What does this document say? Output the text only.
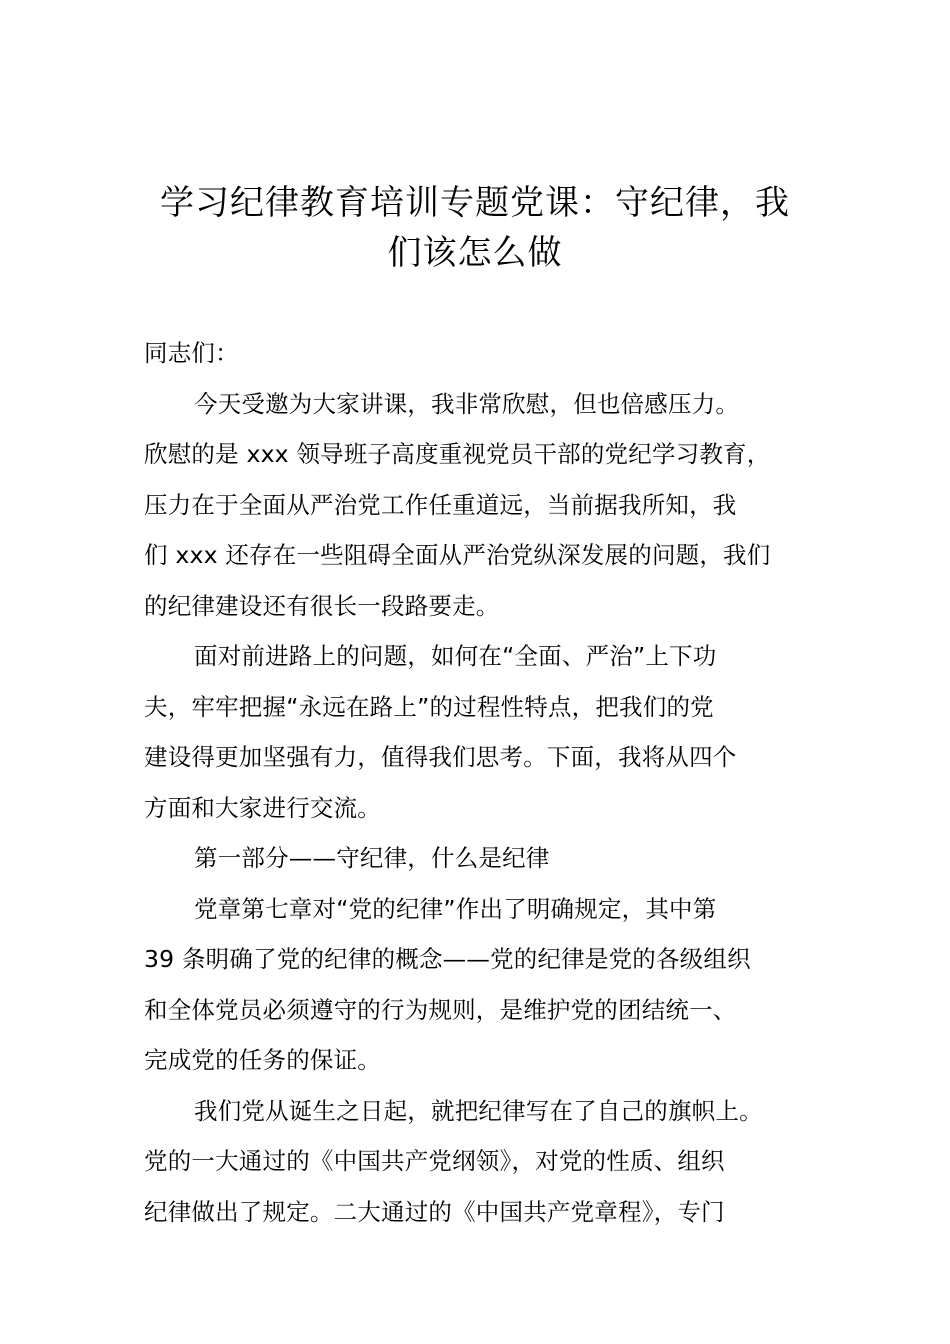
学习纪律教育培训专题党课：守纪律，我
们该怎么做

同志们：

今天受邀为大家讲课，我非常欣慰，但也倍感压力。

欣慰的是 xxx 领导班子高度重视党员干部的党纪学习教育，

压力在于全面从严治党工作任重道远，当前据我所知，我

们 xxx 还存在一些阻碍全面从严治党纵深发展的问题，我们

的纪律建设还有很长一段路要走。

面对前进路上的问题，如何在“全面、严治”上下功

夫，牢牢把握“永远在路上”的过程性特点，把我们的党

建设得更加坚强有力，值得我们思考。下面，我将从四个

方面和大家进行交流。

第一部分——守纪律，什么是纪律

党章第七章对“党的纪律”作出了明确规定，其中第

39 条明确了党的纪律的概念——党的纪律是党的各级组织

和全体党员必须遵守的行为规则，是维护党的团结统一、

完成党的任务的保证。

我们党从诞生之日起，就把纪律写在了自己的旗帜上。

党的一大通过的《中国共产党纲领》，对党的性质、组织

纪律做出了规定。二大通过的《中国共产党章程》，专门
